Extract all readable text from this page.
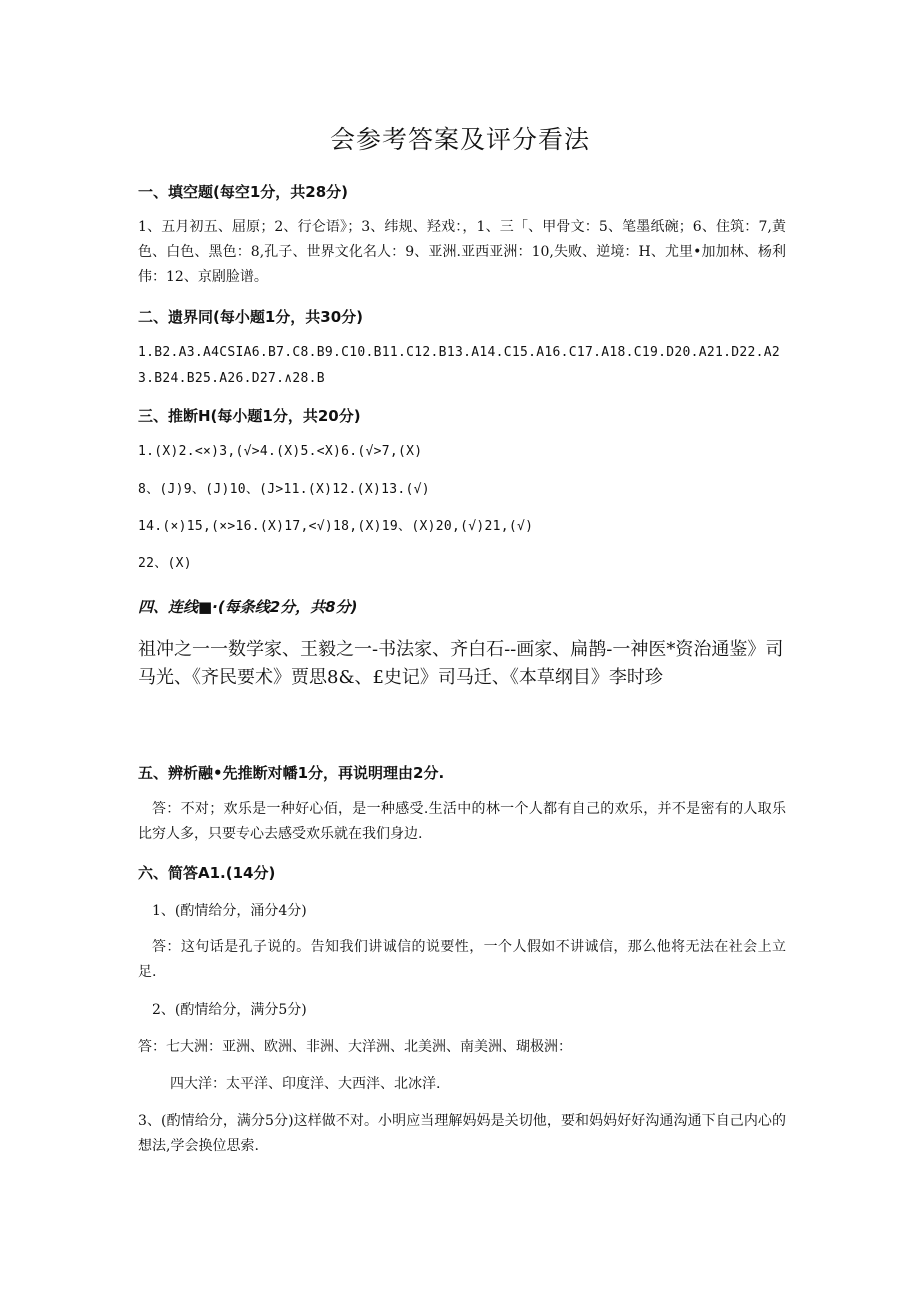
会参考答案及评分看法
一、填空题(每空1分，共28分)

1、五月初五、屈原；2、行仑语》；3、纬规、羟戏：，1、三「、甲骨文：5、笔墨纸碗；6、住筑：7,黄色、白色、黑色：8,孔子、世界文化名人：9、亚洲.亚西亚洲：10,失败、逆境：H、尤里•加加林、杨利伟：12、京剧脸谱。

二、遗界同(每小题1分，共30分)

1.B2.A3.A4CSIA6.B7.C8.B9.C10.B11.C12.B13.A14.C15.A16.C17.A18.C19.D20.A21.D22.A23.B24.B25.A26.D27.∧28.B

三、推断H(每小题1分，共20分)

1.(X)2.<×)3,(√>4.(X)5.<X)6.(√>7,(X)

8、(J)9、(J)10、(J>11.(X)12.(X)13.(√)

14.(×)15,(×>16.(X)17,<√)18,(X)19、(X)20,(√)21,(√)

22、(X)

四、连线■·(每条线2分，共8分)

祖冲之一一数学家、王毅之一-书法家、齐白石--画家、扁鹊-一神医*资治通鉴》司马光、《齐民要术》贾思8&、£史记》司马迁、《本草纲目》李时珍

五、辨析融•先推断对幡1分，再说明理由2分.

答：不对；欢乐是一种好心佰，是一种感受.生活中的林一个人都有自己的欢乐，并不是密有的人取乐比穷人多，只要专心去感受欢乐就在我们身边.

六、简答A1.(14分)

1、(酌情给分，涌分4分)

答：这句话是孔子说的。告知我们讲诚信的说要性，一个人假如不讲诚信，那么他将无法在社会上立足.

2、(酌情给分，满分5分)

答：七大洲：亚洲、欧洲、非洲、大洋洲、北美洲、南美洲、瑚极洲：

四大洋：太平洋、印度洋、大西泮、北冰洋.

3、(酌情给分，满分5分)这样做不对。小明应当理解妈妈是关切他，要和妈妈好好沟通沟通下自己内心的想法,学会换位思索.
